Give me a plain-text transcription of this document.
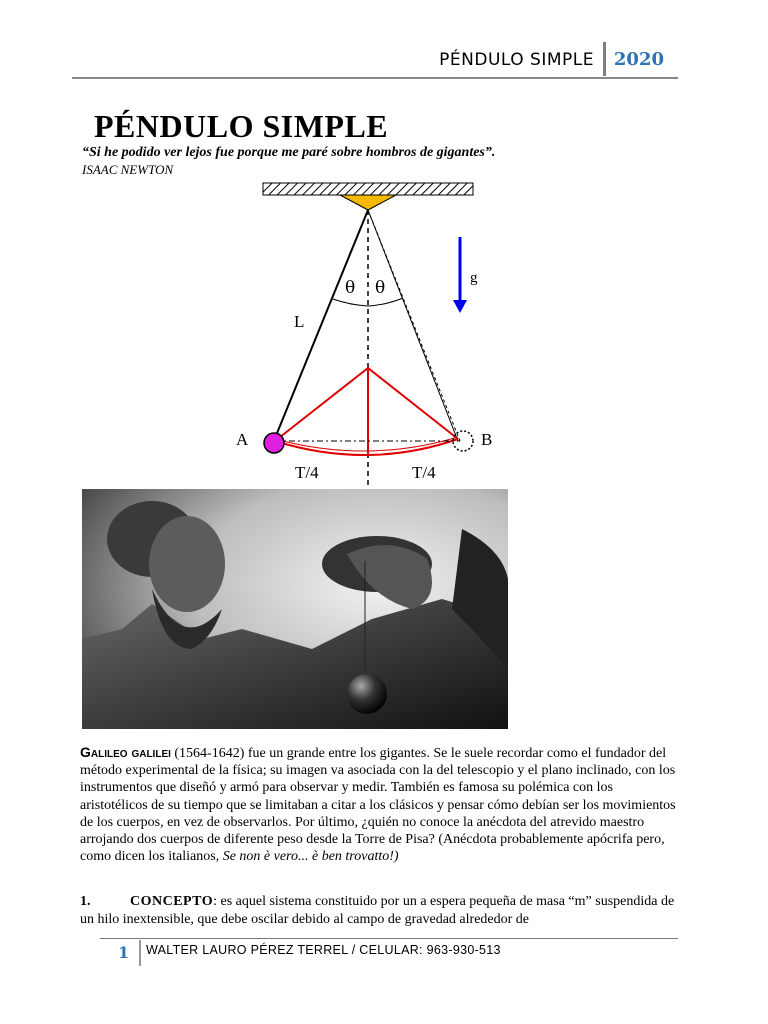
PÉNDULO SIMPLE 2020
PÉNDULO SIMPLE
“Si he podido ver lejos fue porque me paré sobre hombros de gigantes”.
ISAAC NEWTON
θ θ
L
g
A	B
T/4	T/4
Galileo galilei (1564-1642) fue un grande entre los gigantes. Se le suele recordar como el fundador del método experimental de la física; su imagen va asociada con la del telescopio y el plano inclinado, con los instrumentos que diseñó y armó para observar y medir. También es famosa su polémica con los aristotélicos de su tiempo que se limitaban a citar a los clásicos y pensar cómo debían ser los movimientos de los cuerpos, en vez de observarlos. Por último, ¿quién no conoce la anécdota del atrevido maestro arrojando dos cuerpos de diferente peso desde la Torre de Pisa? (Anécdota probablemente apócrifa pero, como dicen los italianos, Se non è vero... è ben trovatto!)
1.	CONCEPTO: es aquel sistema constituido por un a espera pequeña de masa “m” suspendida de un hilo inextensible, que debe oscilar debido al campo de gravedad alrededor de
1 WALTER LAURO PÉREZ TERREL / CELULAR: 963-930-513
